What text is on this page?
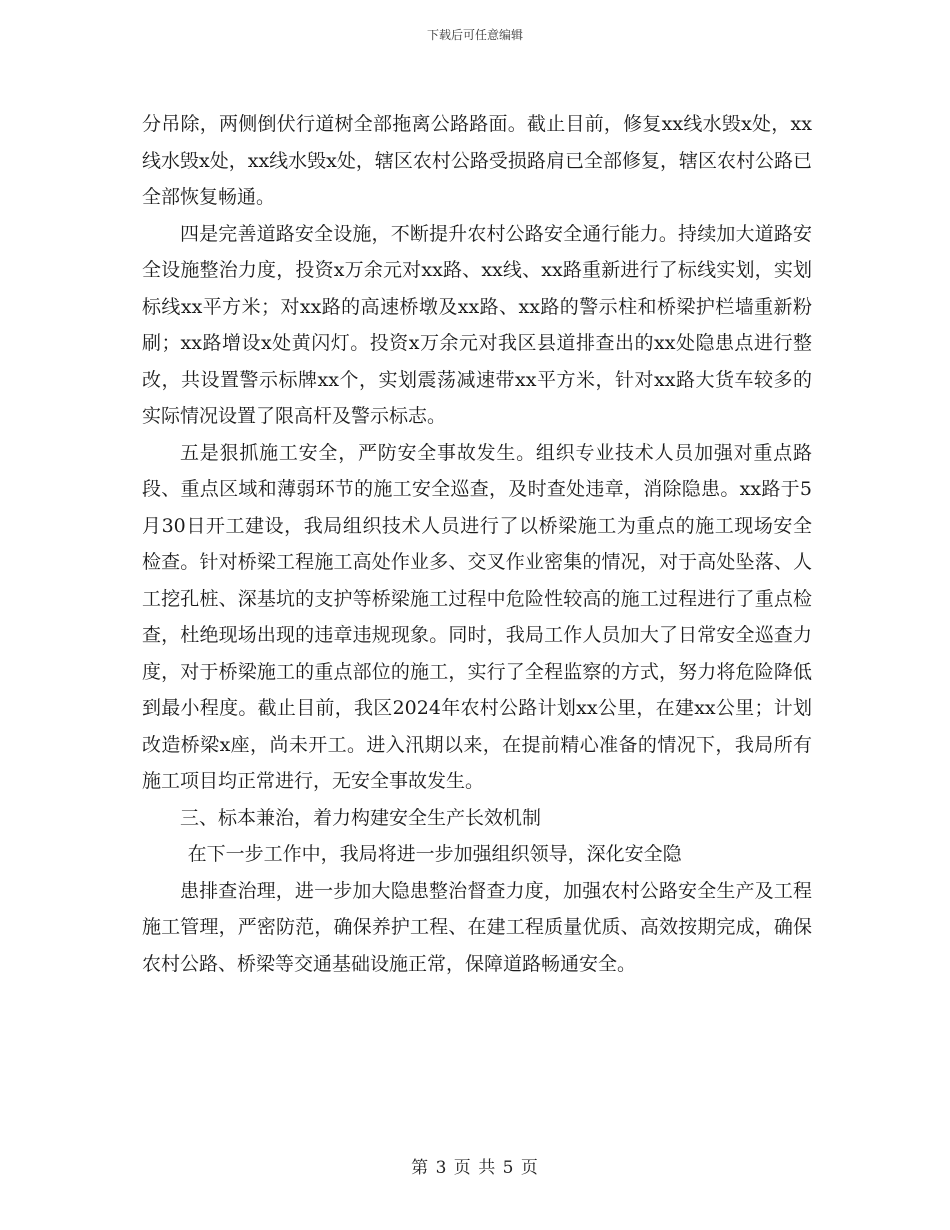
下载后可任意编辑

分吊除，两侧倒伏行道树全部拖离公路路面。截止目前，修复xx线水毁x处，xx线水毁x处，xx线水毁x处，辖区农村公路受损路肩已全部修复，辖区农村公路已全部恢复畅通。

四是完善道路安全设施，不断提升农村公路安全通行能力。持续加大道路安全设施整治力度，投资x万余元对xx路、xx线、xx路重新进行了标线实划，实划标线xx平方米；对xx路的高速桥墩及xx路、xx路的警示柱和桥梁护栏墙重新粉刷；xx路增设x处黄闪灯。投资x万余元对我区县道排查出的xx处隐患点进行整改，共设置警示标牌xx个，实划震荡减速带xx平方米，针对xx路大货车较多的实际情况设置了限高杆及警示标志。

五是狠抓施工安全，严防安全事故发生。组织专业技术人员加强对重点路段、重点区域和薄弱环节的施工安全巡查，及时查处违章，消除隐患。xx路于5月30日开工建设，我局组织技术人员进行了以桥梁施工为重点的施工现场安全检查。针对桥梁工程施工高处作业多、交叉作业密集的情况，对于高处坠落、人工挖孔桩、深基坑的支护等桥梁施工过程中危险性较高的施工过程进行了重点检查，杜绝现场出现的违章违规现象。同时，我局工作人员加大了日常安全巡查力度，对于桥梁施工的重点部位的施工，实行了全程监察的方式，努力将危险降低到最小程度。截止目前，我区2024年农村公路计划xx公里，在建xx公里；计划改造桥梁x座，尚未开工。进入汛期以来，在提前精心准备的情况下，我局所有施工项目均正常进行，无安全事故发生。

三、标本兼治，着力构建安全生产长效机制

在下一步工作中，我局将进一步加强组织领导，深化安全隐

患排查治理，进一步加大隐患整治督查力度，加强农村公路安全生产及工程施工管理，严密防范，确保养护工程、在建工程质量优质、高效按期完成，确保农村公路、桥梁等交通基础设施正常，保障道路畅通安全。

第 3 页 共 5 页
